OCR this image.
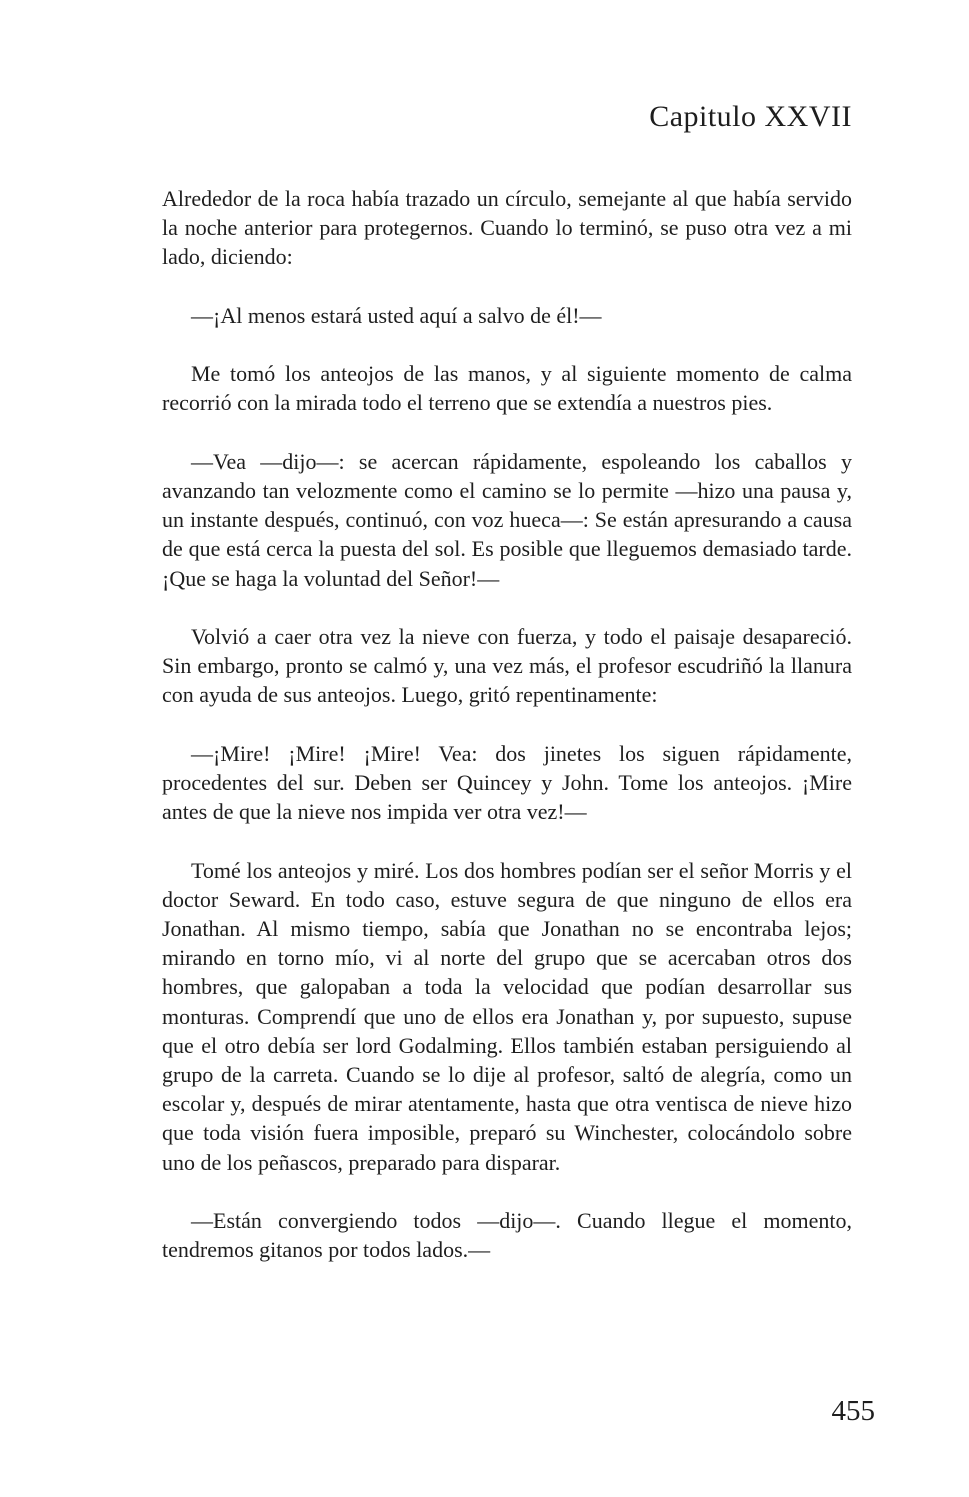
Capitulo XXVII

Alrededor de la roca había trazado un círculo, semejante al que había servido la noche anterior para protegernos. Cuando lo terminó, se puso otra vez a mi lado, diciendo:

—¡Al menos estará usted aquí a salvo de él!—

Me tomó los anteojos de las manos, y al siguiente momento de calma recorrió con la mirada todo el terreno que se extendía a nuestros pies.

—Vea —dijo—: se acercan rápidamente, espoleando los caballos y avanzando tan velozmente como el camino se lo permite —hizo una pausa y, un instante después, continuó, con voz hueca—: Se están apresurando a causa de que está cerca la puesta del sol. Es posible que lleguemos demasiado tarde. ¡Que se haga la voluntad del Señor!—

Volvió a caer otra vez la nieve con fuerza, y todo el paisaje desapareció. Sin embargo, pronto se calmó y, una vez más, el profesor escudriñó la llanura con ayuda de sus anteojos. Luego, gritó repentinamente:

—¡Mire! ¡Mire! ¡Mire! Vea: dos jinetes los siguen rápidamente, procedentes del sur. Deben ser Quincey y John. Tome los anteojos. ¡Mire antes de que la nieve nos impida ver otra vez!—

Tomé los anteojos y miré. Los dos hombres podían ser el señor Morris y el doctor Seward. En todo caso, estuve segura de que ninguno de ellos era Jonathan. Al mismo tiempo, sabía que Jonathan no se encontraba lejos; mirando en torno mío, vi al norte del grupo que se acercaban otros dos hombres, que galopaban a toda la velocidad que podían desarrollar sus monturas. Comprendí que uno de ellos era Jonathan y, por supuesto, supuse que el otro debía ser lord Godalming. Ellos también estaban persiguiendo al grupo de la carreta. Cuando se lo dije al profesor, saltó de alegría, como un escolar y, después de mirar atentamente, hasta que otra ventisca de nieve hizo que toda visión fuera imposible, preparó su Winchester, colocándolo sobre uno de los peñascos, preparado para disparar.

—Están convergiendo todos —dijo—. Cuando llegue el momento, tendremos gitanos por todos lados.—

455
